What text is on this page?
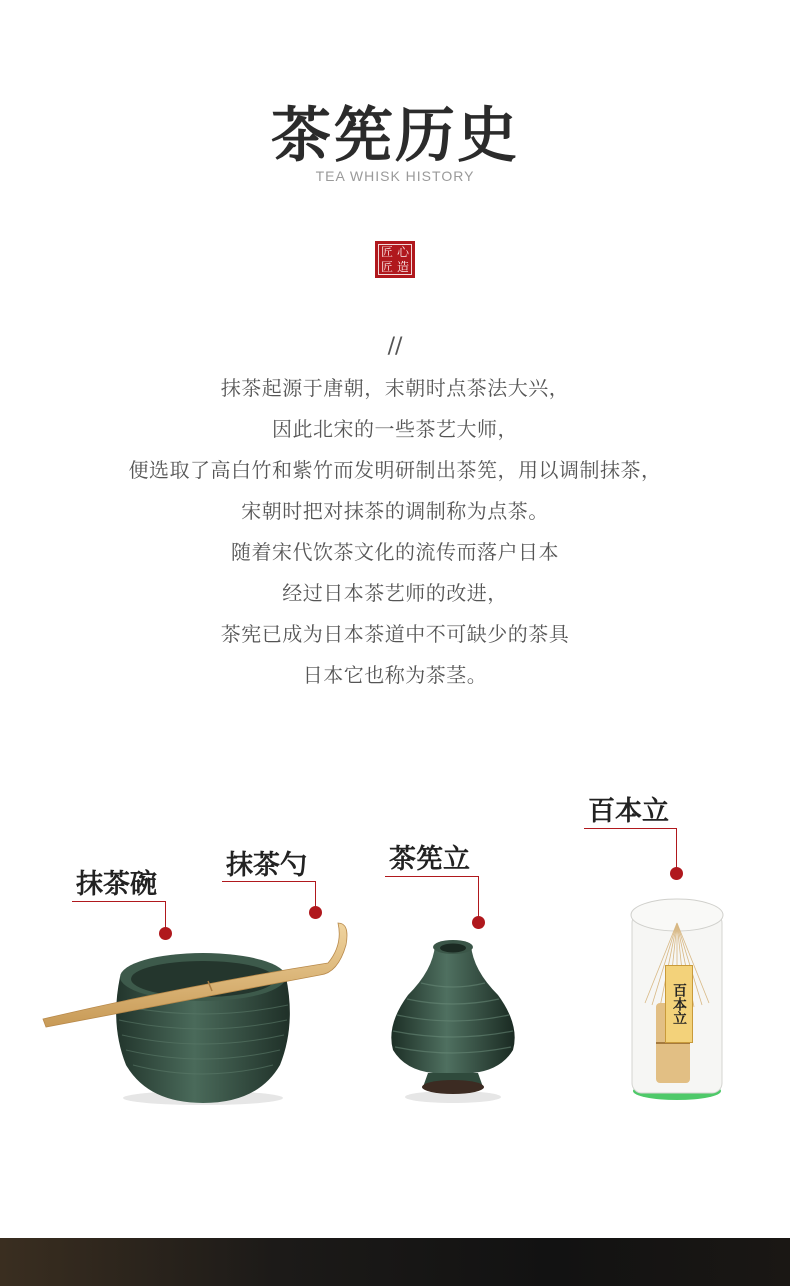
茶筅历史
TEA WHISK HISTORY
匠 心
匠 造
//
抹茶起源于唐朝，末朝时点茶法大兴，
因此北宋的一些茶艺大师，
便选取了高白竹和紫竹而发明研制出茶筅，用以调制抹茶，
宋朝时把对抹茶的调制称为点茶。
随着宋代饮茶文化的流传而落户日本
经过日本茶艺师的改进，
茶宪已成为日本茶道中不可缺少的茶具
日本它也称为茶茎。
抹茶碗
抹茶勺	茶筅立
百本立
百本立
